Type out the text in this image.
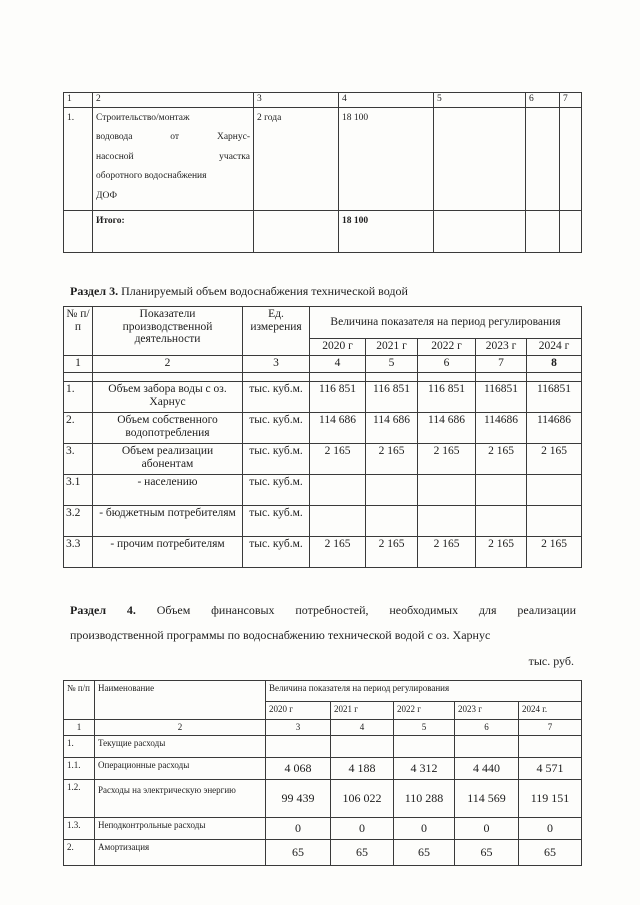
1	2	3	4	5	6	7
1.	Строительство/монтаж
водовода от Харнус-
насосной участка
оборотного водоснабжения
ДОФ	2 года	18 100			
	Итого:		18 100			
Раздел 3. Планируемый объем водоснабжения технической водой
№ п/п	Показатели производственной деятельности	Ед. измерения	Величина показателя на период регулирования				
			2020 г	2021 г	2022 г	2023 г	2024 г
1	2	3	4	5	6	7	8

1.	Объем забора воды с оз. Харнус	тыс. куб.м.	116 851	116 851	116 851	116851	116851
2.	Объем собственного водопотребления	тыс. куб.м.	114 686	114 686	114 686	114686	114686
3.	Объем реализации абонентам	тыс. куб.м.	2 165	2 165	2 165	2 165	2 165
3.1	- населению	тыс. куб.м.					
3.2	- бюджетным потребителям	тыс. куб.м.					
3.3	- прочим потребителям	тыс. куб.м.	2 165	2 165	2 165	2 165	2 165
Раздел 4. Объем финансовых потребностей, необходимых для реализации
производственной программы по водоснабжению технической водой с оз. Харнус
тыс. руб.
№ п/п	Наименование	Величина показателя на период регулирования				
		2020 г	2021 г	2022 г	2023 г	2024 г.
1	2	3	4	5	6	7
1.	Текущие расходы					
1.1.	Операционные расходы	4 068	4 188	4 312	4 440	4 571
1.2.	Расходы на электрическую энергию	99 439	106 022	110 288	114 569	119 151
1.3.	Неподконтрольные расходы	0	0	0	0	0
2.	Амортизация	65	65	65	65	65
